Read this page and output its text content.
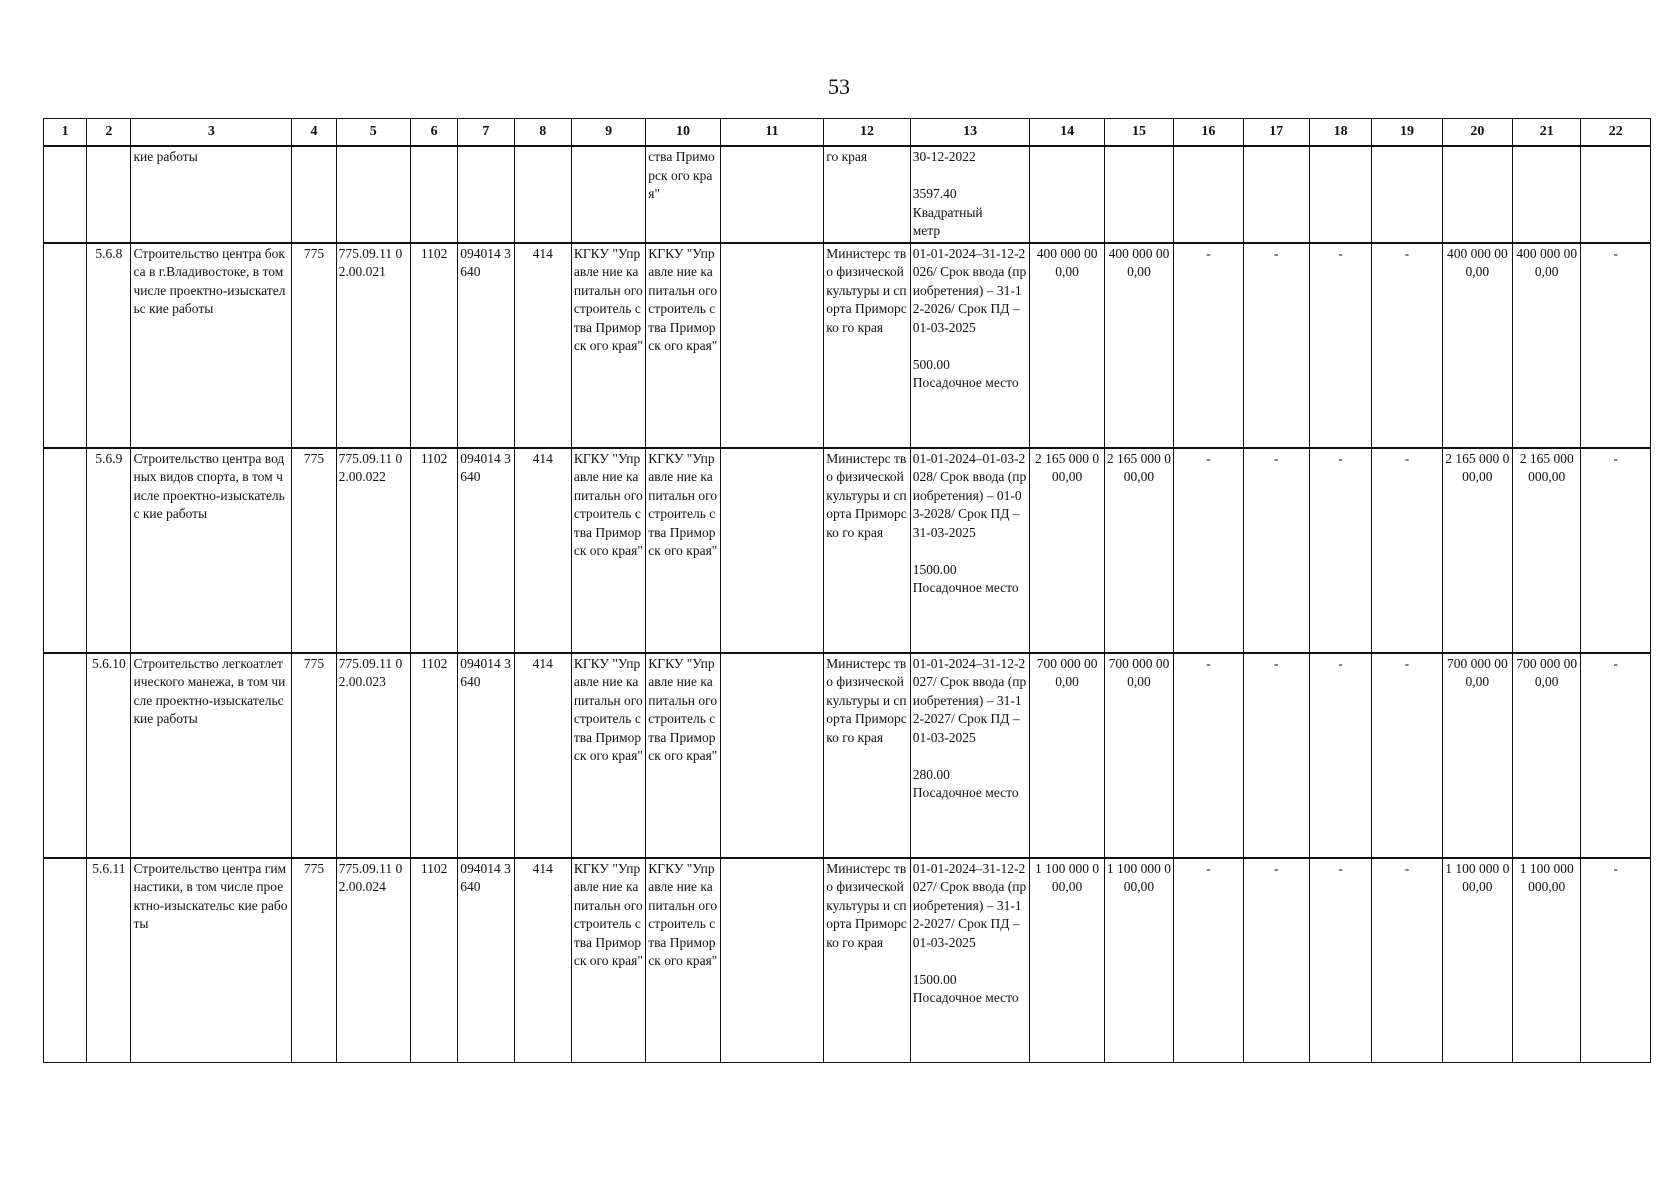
53
1	2	3	4	5	6	7	8	9	10	11	12	13	14	15	16	17	18	19	20	21	22
		кие работы							ства Приморск ого края"		го края	30-12-2022

3597.40
Квадратный
метр									
	5.6.8	Строительство центра бокса в г.Владивостоке, в том числе проектно-изыскательс кие работы	775	775.09.11 02.00.021	1102	094014 3640	414	КГКУ "Управле ние капитальн ого строитель ства Приморск ого края"	КГКУ "Управле ние капитальн ого строитель ства Приморск ого края"		Министерс тво физической культуры и спорта Приморско го края	01-01-2024–31-12-2026/ Срок ввода (приобретения) – 31-12-2026/ Срок ПД – 01-03-2025

500.00
Посадочное место	400 000 000,00	400 000 000,00	-	-	-	-	400 000 000,00	400 000 000,00	-
	5.6.9	Строительство центра водных видов спорта, в том числе проектно-изыскательс кие работы	775	775.09.11 02.00.022	1102	094014 3640	414	КГКУ "Управле ние капитальн ого строитель ства Приморск ого края"	КГКУ "Управле ние капитальн ого строитель ства Приморск ого края"		Министерс тво физической культуры и спорта Приморско го края	01-01-2024–01-03-2028/ Срок ввода (приобретения) – 01-03-2028/ Срок ПД – 31-03-2025

1500.00
Посадочное место	2 165 000 000,00	2 165 000 000,00	-	-	-	-	2 165 000 000,00	2 165 000 000,00	-
	5.6.10	Строительство легкоатлетического манежа, в том числе проектно-изыскательс кие работы	775	775.09.11 02.00.023	1102	094014 3640	414	КГКУ "Управле ние капитальн ого строитель ства Приморск ого края"	КГКУ "Управле ние капитальн ого строитель ства Приморск ого края"		Министерс тво физической культуры и спорта Приморско го края	01-01-2024–31-12-2027/ Срок ввода (приобретения) – 31-12-2027/ Срок ПД – 01-03-2025

280.00
Посадочное место	700 000 000,00	700 000 000,00	-	-	-	-	700 000 000,00	700 000 000,00	-
	5.6.11	Строительство центра гимнастики, в том числе проектно-изыскательс кие работы	775	775.09.11 02.00.024	1102	094014 3640	414	КГКУ "Управле ние капитальн ого строитель ства Приморск ого края"	КГКУ "Управле ние капитальн ого строитель ства Приморск ого края"		Министерс тво физической культуры и спорта Приморско го края	01-01-2024–31-12-2027/ Срок ввода (приобретения) – 31-12-2027/ Срок ПД – 01-03-2025

1500.00
Посадочное место	1 100 000 000,00	1 100 000 000,00	-	-	-	-	1 100 000 000,00	1 100 000 000,00	-
